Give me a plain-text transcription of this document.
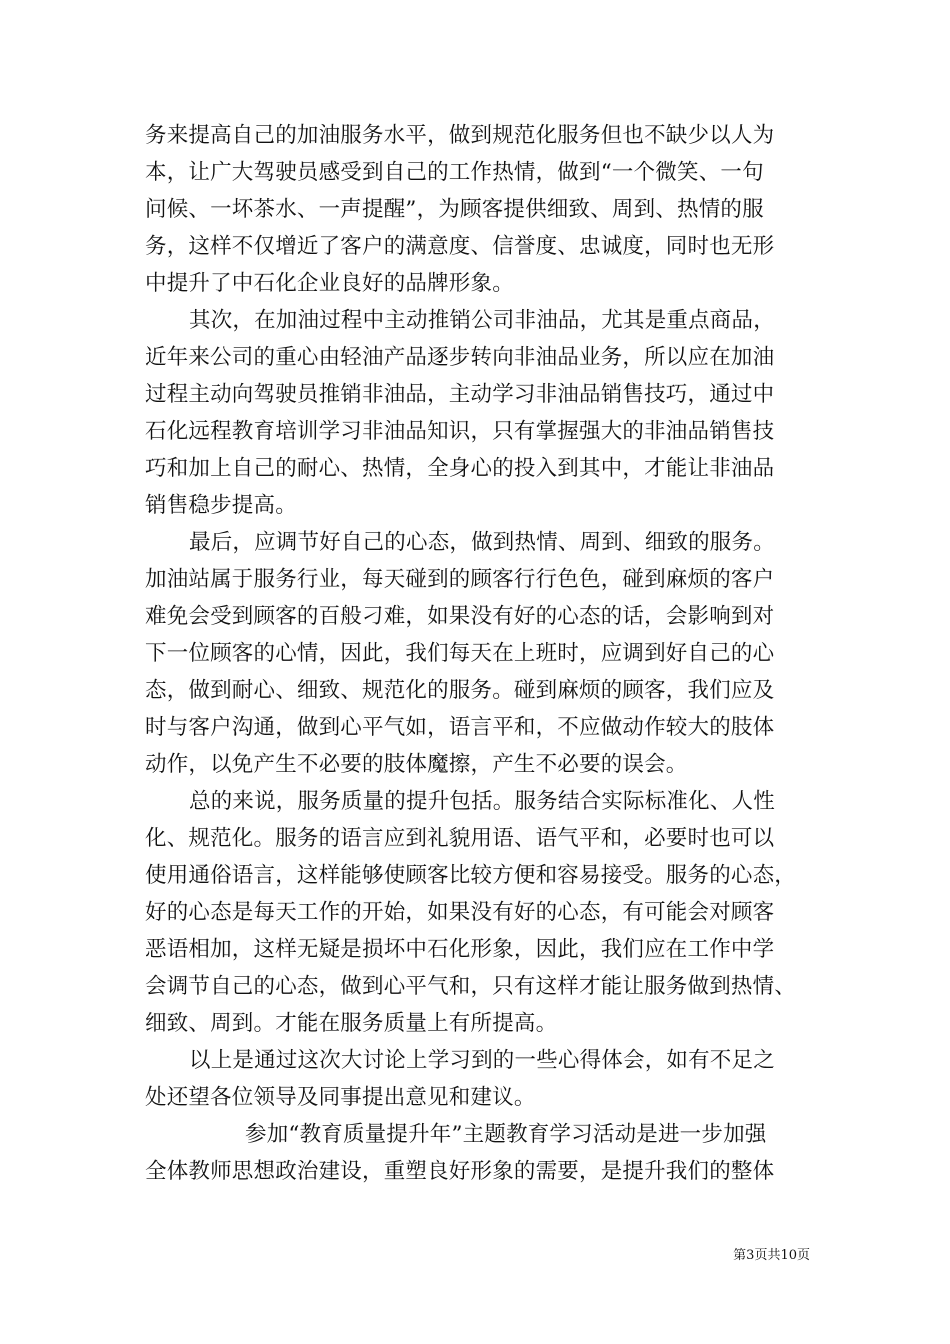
务来提高自己的加油服务水平，做到规范化服务但也不缺少以人为
本，让广大驾驶员感受到自己的工作热情，做到“一个微笑、一句
问候、一坏茶水、一声提醒”，为顾客提供细致、周到、热情的服
务，这样不仅增近了客户的满意度、信誉度、忠诚度，同时也无形
中提升了中石化企业良好的品牌形象。
其次，在加油过程中主动推销公司非油品，尤其是重点商品，
近年来公司的重心由轻油产品逐步转向非油品业务，所以应在加油
过程主动向驾驶员推销非油品，主动学习非油品销售技巧，通过中
石化远程教育培训学习非油品知识，只有掌握强大的非油品销售技
巧和加上自己的耐心、热情，全身心的投入到其中，才能让非油品
销售稳步提高。
最后，应调节好自己的心态，做到热情、周到、细致的服务。
加油站属于服务行业，每天碰到的顾客行行色色，碰到麻烦的客户
难免会受到顾客的百般刁难，如果没有好的心态的话，会影响到对
下一位顾客的心情，因此，我们每天在上班时，应调到好自己的心
态，做到耐心、细致、规范化的服务。碰到麻烦的顾客，我们应及
时与客户沟通，做到心平气如，语言平和，不应做动作较大的肢体
动作，以免产生不必要的肢体魔擦，产生不必要的误会。
总的来说，服务质量的提升包括。服务结合实际标准化、人性
化、规范化。服务的语言应到礼貌用语、语气平和，必要时也可以
使用通俗语言，这样能够使顾客比较方便和容易接受。服务的心态，
好的心态是每天工作的开始，如果没有好的心态，有可能会对顾客
恶语相加，这样无疑是损坏中石化形象，因此，我们应在工作中学
会调节自己的心态，做到心平气和，只有这样才能让服务做到热情、
细致、周到。才能在服务质量上有所提高。
以上是通过这次大讨论上学习到的一些心得体会，如有不足之
处还望各位领导及同事提出意见和建议。
参加“教育质量提升年”主题教育学习活动是进一步加强
全体教师思想政治建设，重塑良好形象的需要，是提升我们的整体
第3页共10页
